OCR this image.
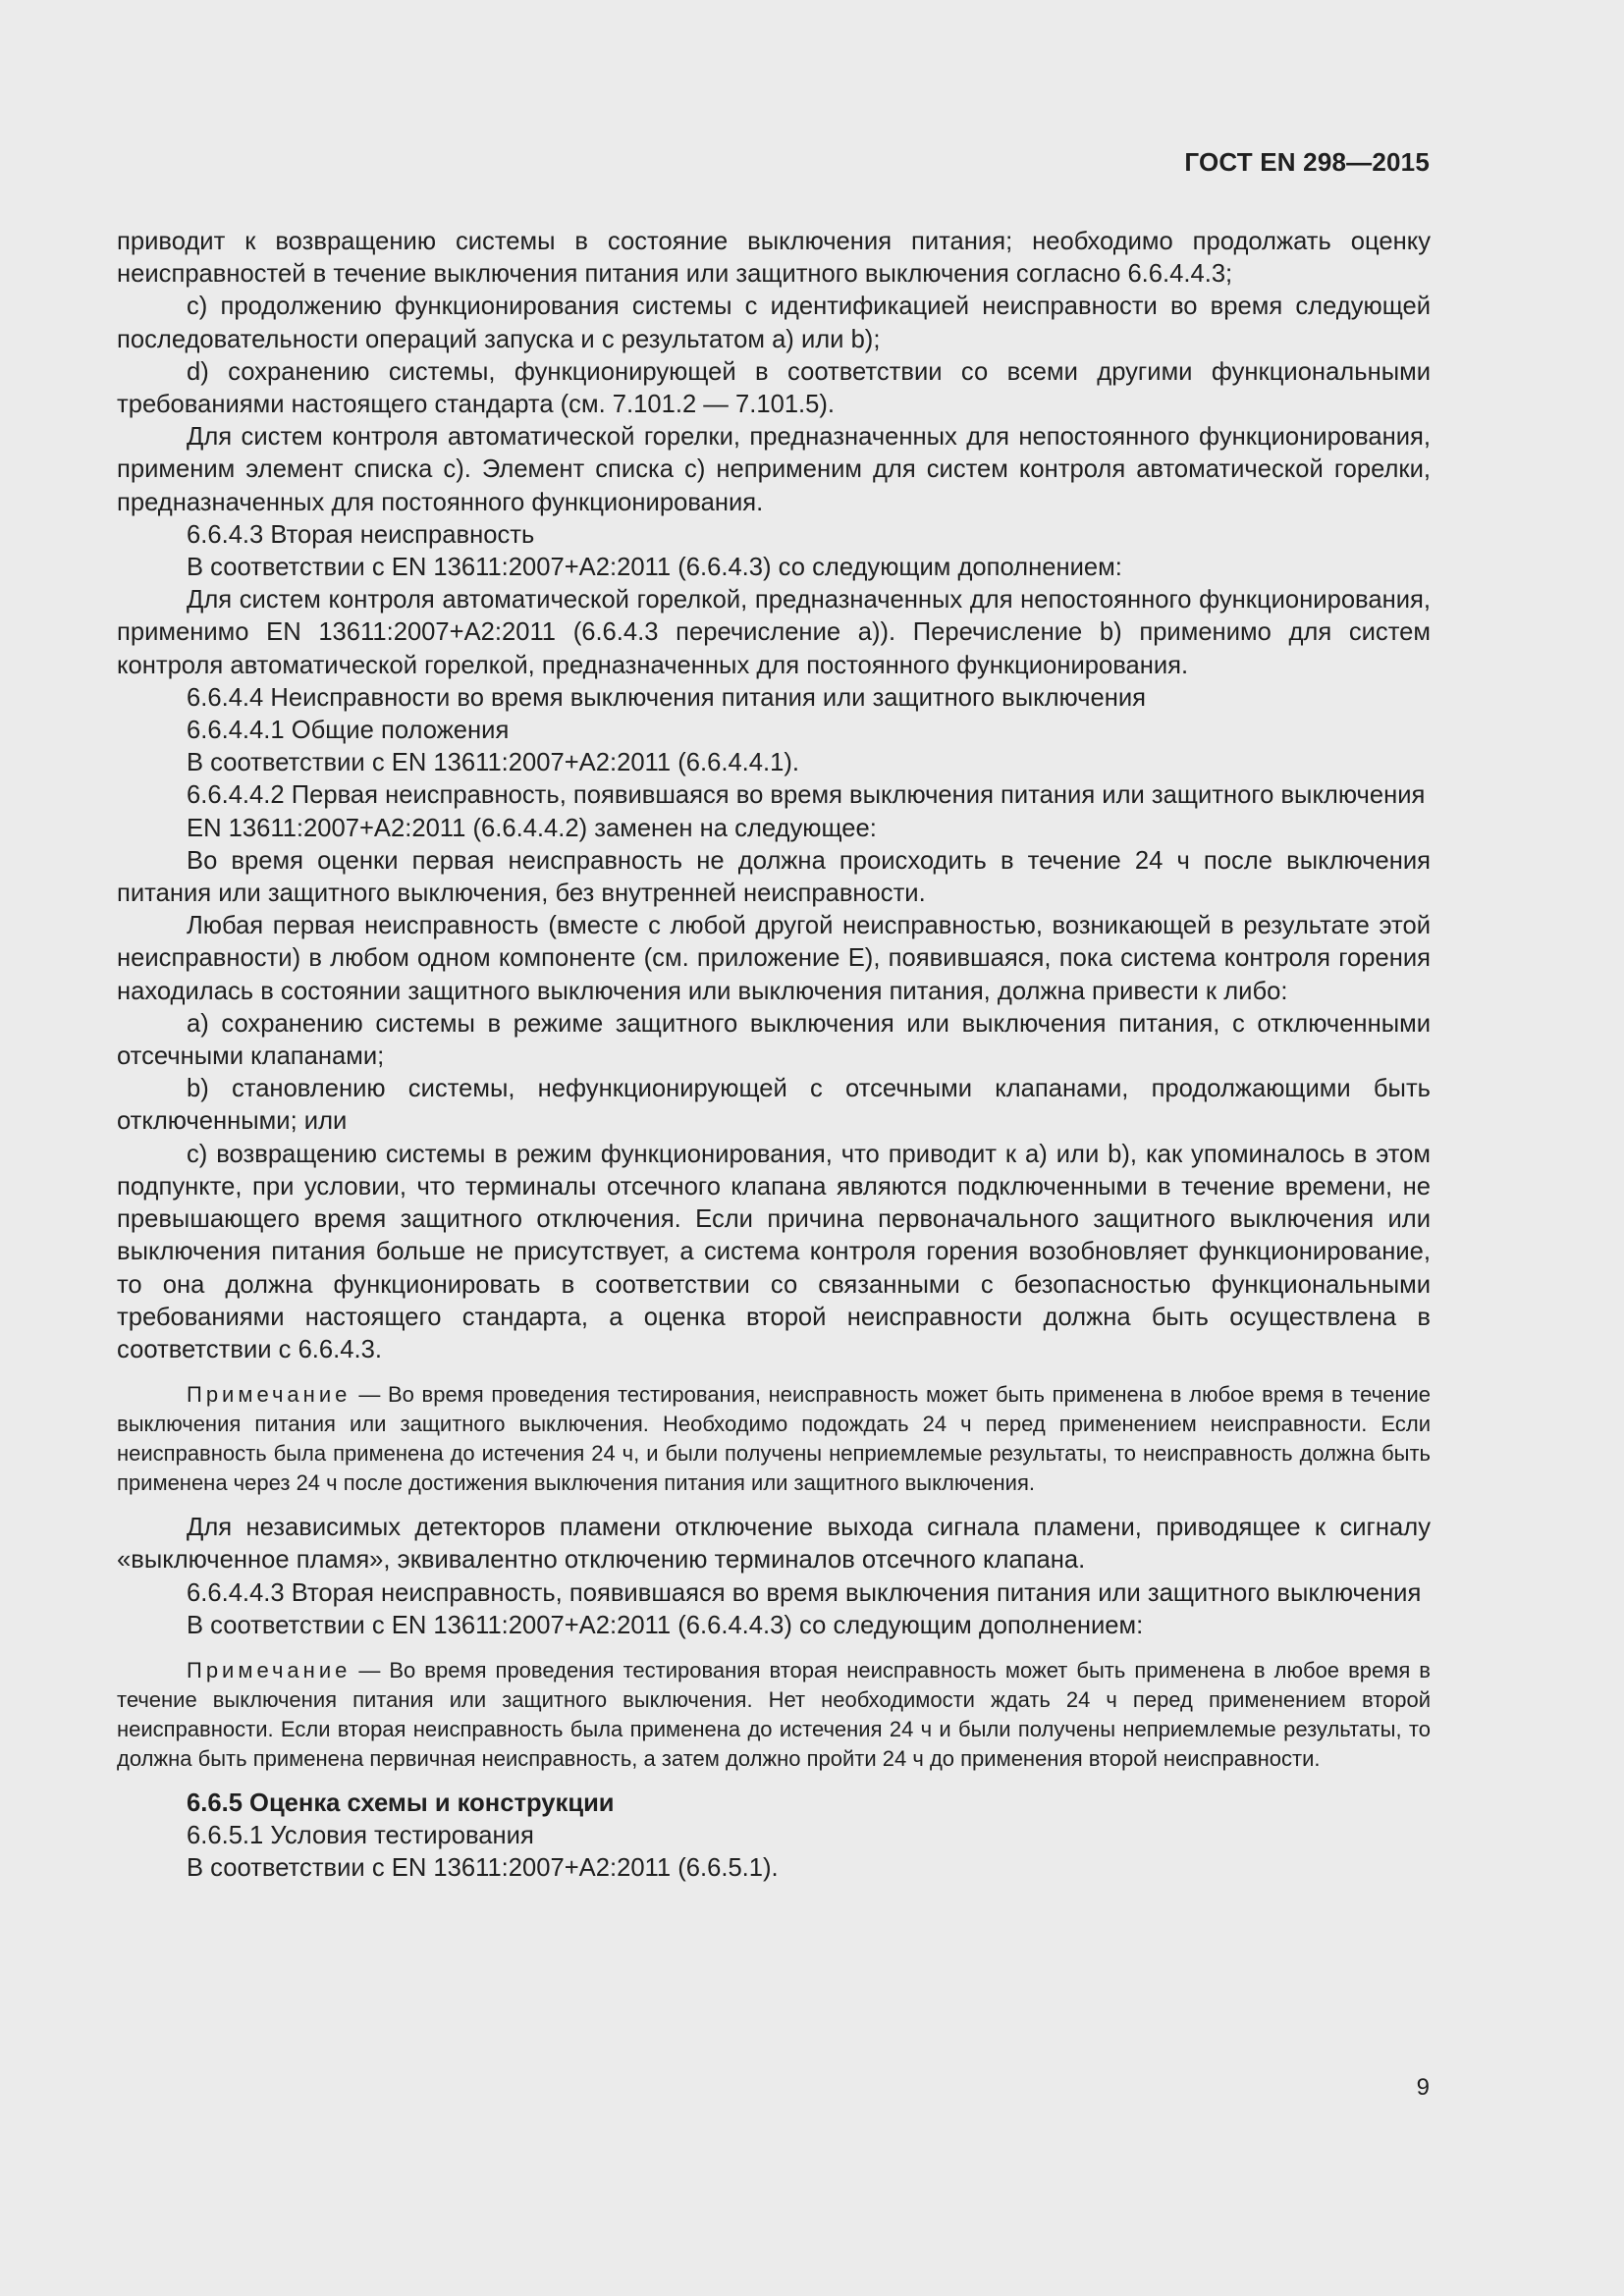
ГОСТ EN 298—2015

приводит к возвращению системы в состояние выключения питания; необходимо продолжать оценку неисправностей в течение выключения питания или защитного выключения согласно 6.6.4.4.3;

с) продолжению функционирования системы с идентификацией неисправности во время следующей последовательности операций запуска и с результатом а) или b);

d) сохранению системы, функционирующей в соответствии со всеми другими функциональными требованиями настоящего стандарта (см. 7.101.2 — 7.101.5).

Для систем контроля автоматической горелки, предназначенных для непостоянного функционирования, применим элемент списка с). Элемент списка с) неприменим для систем контроля автоматической горелки, предназначенных для постоянного функционирования.

6.6.4.3 Вторая неисправность

В соответствии с EN 13611:2007+А2:2011 (6.6.4.3) со следующим дополнением:

Для систем контроля автоматической горелкой, предназначенных для непостоянного функционирования, применимо EN 13611:2007+А2:2011 (6.6.4.3 перечисление а)). Перечисление b) применимо для систем контроля автоматической горелкой, предназначенных для постоянного функционирования.

6.6.4.4 Неисправности во время выключения питания или защитного выключения

6.6.4.4.1 Общие положения

В соответствии с EN 13611:2007+А2:2011 (6.6.4.4.1).

6.6.4.4.2 Первая неисправность, появившаяся во время выключения питания или защитного выключения

EN 13611:2007+А2:2011 (6.6.4.4.2) заменен на следующее:

Во время оценки первая неисправность не должна происходить в течение 24 ч после выключения питания или защитного выключения, без внутренней неисправности.

Любая первая неисправность (вместе с любой другой неисправностью, возникающей в результате этой неисправности) в любом одном компоненте (см. приложение Е), появившаяся, пока система контроля горения находилась в состоянии защитного выключения или выключения питания, должна привести к либо:

а) сохранению системы в режиме защитного выключения или выключения питания, с отключенными отсечными клапанами;

b) становлению системы, нефункционирующей с отсечными клапанами, продолжающими быть отключенными; или

с) возвращению системы в режим функционирования, что приводит к а) или b), как упоминалось в этом подпункте, при условии, что терминалы отсечного клапана являются подключенными в течение времени, не превышающего время защитного отключения. Если причина первоначального защитного выключения или выключения питания больше не присутствует, а система контроля горения возобновляет функционирование, то она должна функционировать в соответствии со связанными с безопасностью функциональными требованиями настоящего стандарта, а оценка второй неисправности должна быть осуществлена в соответствии с 6.6.4.3.

Примечание — Во время проведения тестирования, неисправность может быть применена в любое время в течение выключения питания или защитного выключения. Необходимо подождать 24 ч перед применением неисправности. Если неисправность была применена до истечения 24 ч, и были получены неприемлемые результаты, то неисправность должна быть применена через 24 ч после достижения выключения питания или защитного выключения.

Для независимых детекторов пламени отключение выхода сигнала пламени, приводящее к сигналу «выключенное пламя», эквивалентно отключению терминалов отсечного клапана.

6.6.4.4.3 Вторая неисправность, появившаяся во время выключения питания или защитного выключения

В соответствии с EN 13611:2007+А2:2011 (6.6.4.4.3) со следующим дополнением:

Примечание — Во время проведения тестирования вторая неисправность может быть применена в любое время в течение выключения питания или защитного выключения. Нет необходимости ждать 24 ч перед применением второй неисправности. Если вторая неисправность была применена до истечения 24 ч и были получены неприемлемые результаты, то должна быть применена первичная неисправность, а затем должно пройти 24 ч до применения второй неисправности.

6.6.5 Оценка схемы и конструкции

6.6.5.1 Условия тестирования

В соответствии с EN 13611:2007+А2:2011 (6.6.5.1).

9
